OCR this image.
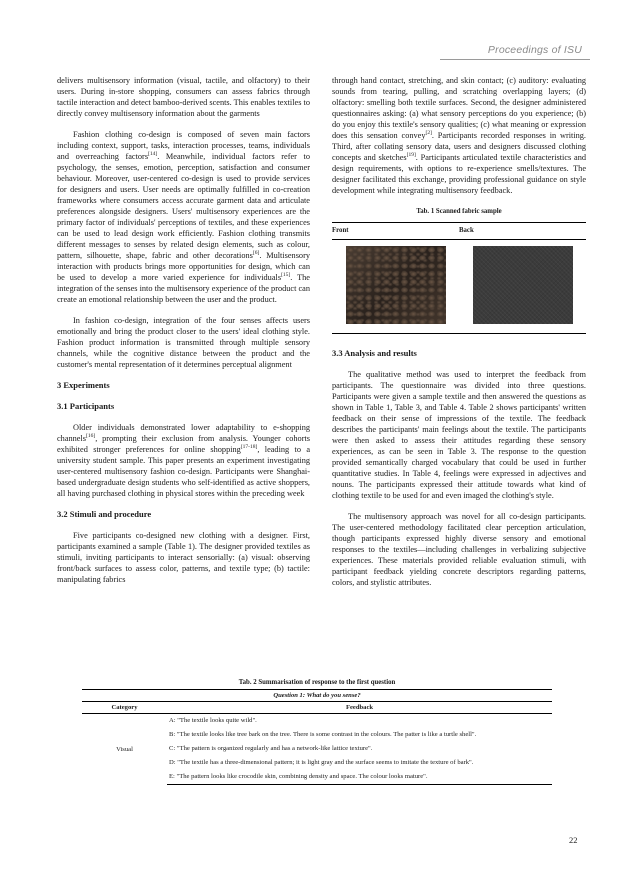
Proceedings of ISU

delivers multisensory information (visual, tactile, and olfactory) to their users. During in-store shopping, consumers can assess fabrics through tactile interaction and detect bamboo-derived scents. This enables textiles to directly convey multisensory information about the garments

Fashion clothing co-design is composed of seven main factors including context, support, tasks, interaction processes, teams, individuals and overreaching factors[14]. Meanwhile, individual factors refer to psychology, the senses, emotion, perception, satisfaction and consumer behaviour. Moreover, user-centered co-design is used to provide services for designers and users. User needs are optimally fulfilled in co-creation frameworks where consumers access accurate garment data and articulate preferences alongside designers. Users' multisensory experiences are the primary factor of individuals' perceptions of textiles, and these experiences can be used to lead design work efficiently. Fashion clothing transmits different messages to senses by related design elements, such as colour, pattern, silhouette, shape, fabric and other decorations[6]. Multisensory interaction with products brings more opportunities for design, which can be used to develop a more varied experience for individuals[15]. The integration of the senses into the multisensory experience of the product can create an emotional relationship between the user and the product.

In fashion co-design, integration of the four senses affects users emotionally and bring the product closer to the users' ideal clothing style. Fashion product information is transmitted through multiple sensory channels, while the cognitive distance between the product and the customer's mental representation of it determines perceptual alignment

3 Experiments
3.1 Participants

Older individuals demonstrated lower adaptability to e-shopping channels[16], prompting their exclusion from analysis. Younger cohorts exhibited stronger preferences for online shopping[17-18], leading to a university student sample. This paper presents an experiment investigating user-centered multisensory fashion co-design. Participants were Shanghai-based undergraduate design students who self-identified as active shoppers, all having purchased clothing in physical stores within the preceding week

3.2 Stimuli and procedure

Five participants co-designed new clothing with a designer. First, participants examined a sample (Table 1). The designer provided textiles as stimuli, inviting participants to interact sensorially: (a) visual: observing front/back surfaces to assess color, patterns, and textile type; (b) tactile: manipulating fabrics

through hand contact, stretching, and skin contact; (c) auditory: evaluating sounds from tearing, pulling, and scratching overlapping layers; (d) olfactory: smelling both textile surfaces. Second, the designer administered questionnaires asking: (a) what sensory perceptions do you experience; (b) do you enjoy this textile's sensory qualities; (c) what meaning or expression does this sensation convey[2]. Participants recorded responses in writing. Third, after collating sensory data, users and designers discussed clothing concepts and sketches[19]. Participants articulated textile characteristics and design requirements, with options to re-experience smells/textures. The designer facilitated this exchange, providing professional guidance on style development while integrating multisensory feedback.

Tab. 1 Scanned fabric sample
Front	Back

3.3 Analysis and results

The qualitative method was used to interpret the feedback from participants. The questionnaire was divided into three questions. Participants were given a sample textile and then answered the questions as shown in Table 1, Table 3, and Table 4. Table 2 shows participants' written feedback on their sense of impressions of the textile. The feedback describes the participants' main feelings about the textile. The participants were then asked to assess their attitudes regarding these sensory experiences, as can be seen in Table 3. The response to the question provided semantically charged vocabulary that could be used in further quantitative studies. In Table 4, feelings were expressed in adjectives and nouns. The participants expressed their attitude towards what kind of clothing textile to be used for and even imaged the clothing's style.

The multisensory approach was novel for all co-design participants. The user-centered methodology facilitated clear perception articulation, though participants expressed highly diverse sensory and emotional responses to the textiles—including challenges in verbalizing subjective experiences. These materials provided reliable evaluation stimuli, with participant feedback yielding concrete descriptors regarding patterns, colors, and stylistic attributes.

Tab. 2 Summarisation of response to the first question
Question 1: What do you sense?	
Category	Feedback
Visual	A: "The textile looks quite wild".
	B: "The textile looks like tree bark on the tree. There is some contrast in the colours. The patter is like a turtle shell".
	C: "The pattern is organized regularly and has a network-like lattice texture".
	D: "The textile has a three-dimensional pattern; it is light gray and the surface seems to imitate the texture of bark".
	E: "The pattern looks like crocodile skin, combining density and space. The colour looks mature".
22
